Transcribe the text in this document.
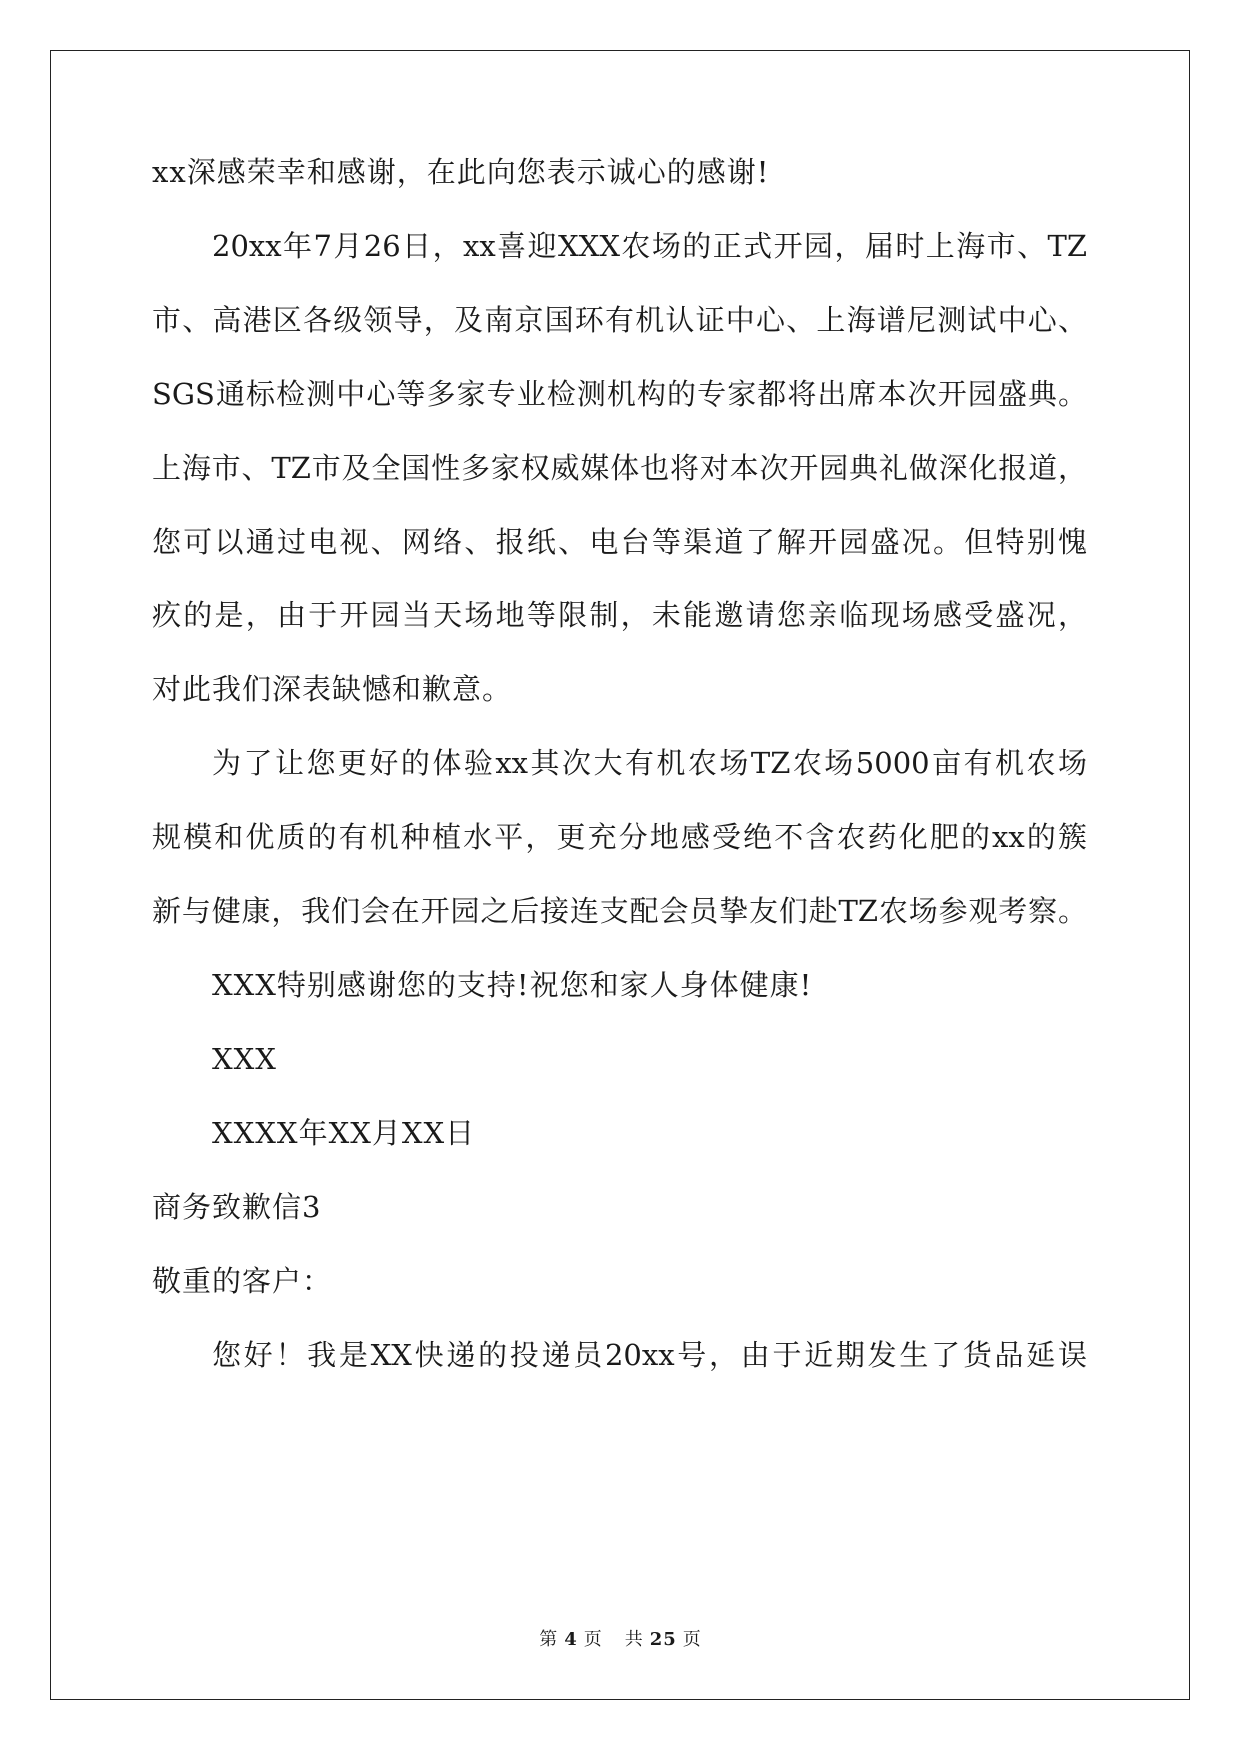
xx深感荣幸和感谢，在此向您表示诚心的感谢!
20xx年7月26日，xx喜迎XXX农场的正式开园，届时上海市、TZ
市、高港区各级领导，及南京国环有机认证中心、上海谱尼测试中心、
SGS通标检测中心等多家专业检测机构的专家都将出席本次开园盛典。
上海市、TZ市及全国性多家权威媒体也将对本次开园典礼做深化报道，
您可以通过电视、网络、报纸、电台等渠道了解开园盛况。但特别愧
疚的是，由于开园当天场地等限制，未能邀请您亲临现场感受盛况，
对此我们深表缺憾和歉意。
为了让您更好的体验xx其次大有机农场TZ农场5000亩有机农场
规模和优质的有机种植水平，更充分地感受绝不含农药化肥的xx的簇
新与健康，我们会在开园之后接连支配会员挚友们赴TZ农场参观考察。
XXX特别感谢您的支持!祝您和家人身体健康!
XXX
XXXX年XX月XX日
商务致歉信3
敬重的客户：
您好！我是XX快递的投递员20xx号，由于近期发生了货品延误
第 4 页 共 25 页
